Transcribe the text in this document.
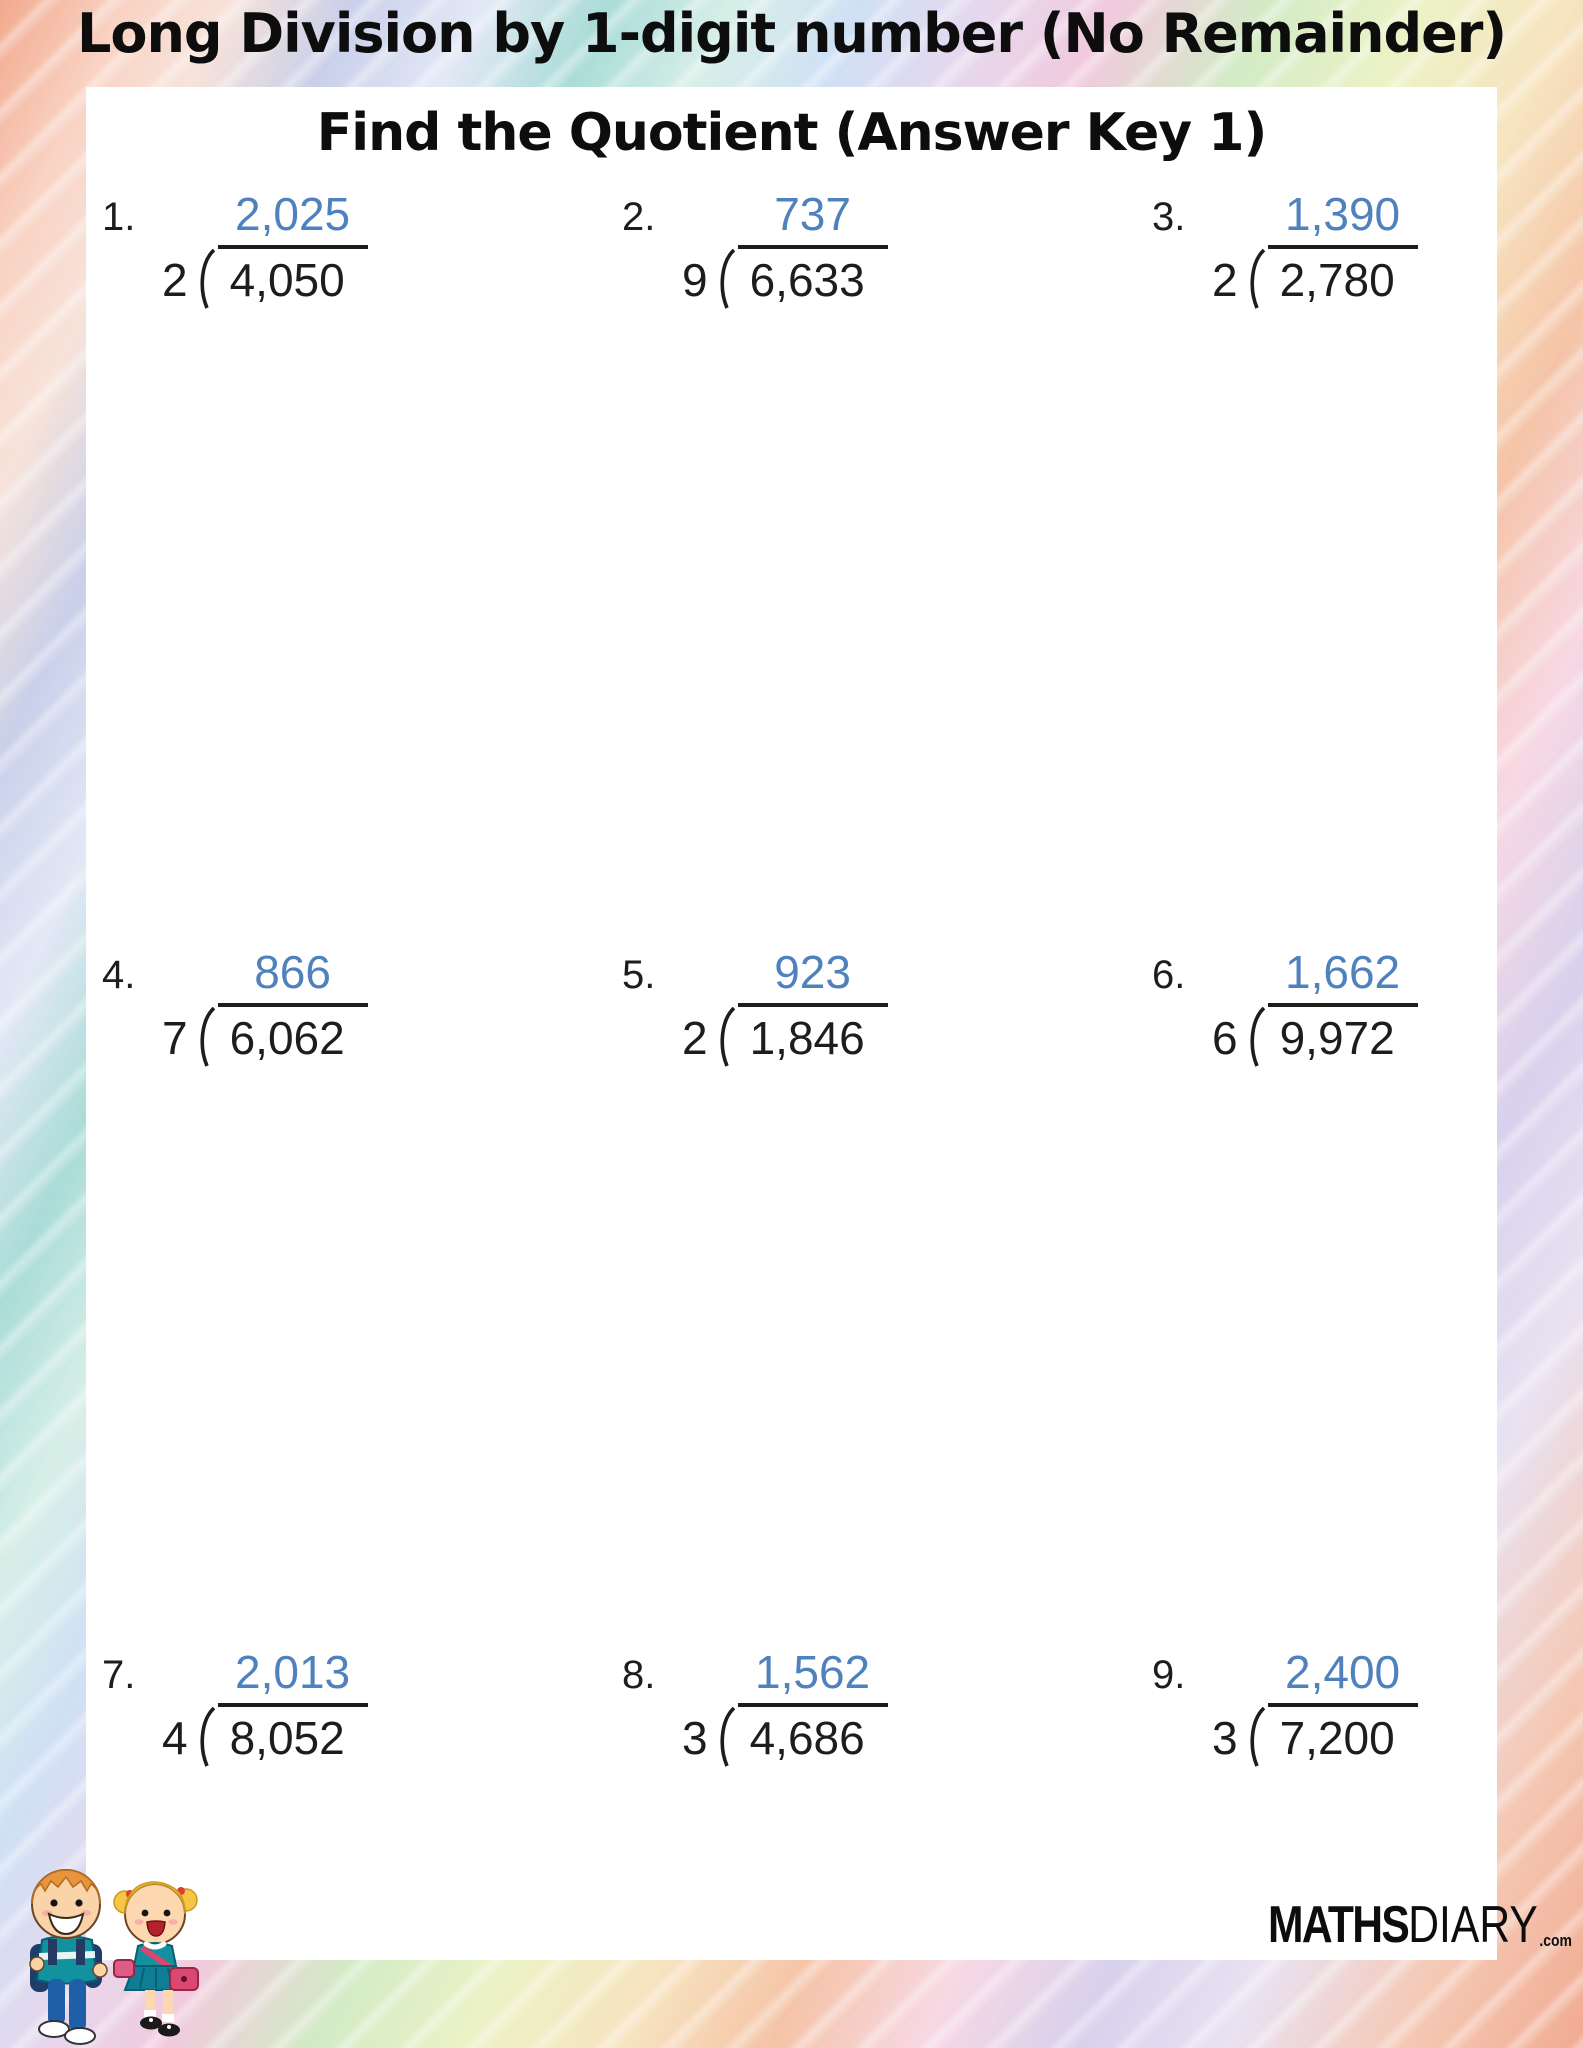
Long Division by 1-digit number (No Remainder)
Find the Quotient (Answer Key 1)
1.	2,025
2 4,050
2.	737
9 6,633
3.	1,390
2 2,780
4.	866
7 6,062
5.	923
2 1,846
6.	1,662
6 9,972
7.	2,013
4 8,052
8.	1,562
3 4,686
9.	2,400
3 7,200
MATHS DIARY .com
